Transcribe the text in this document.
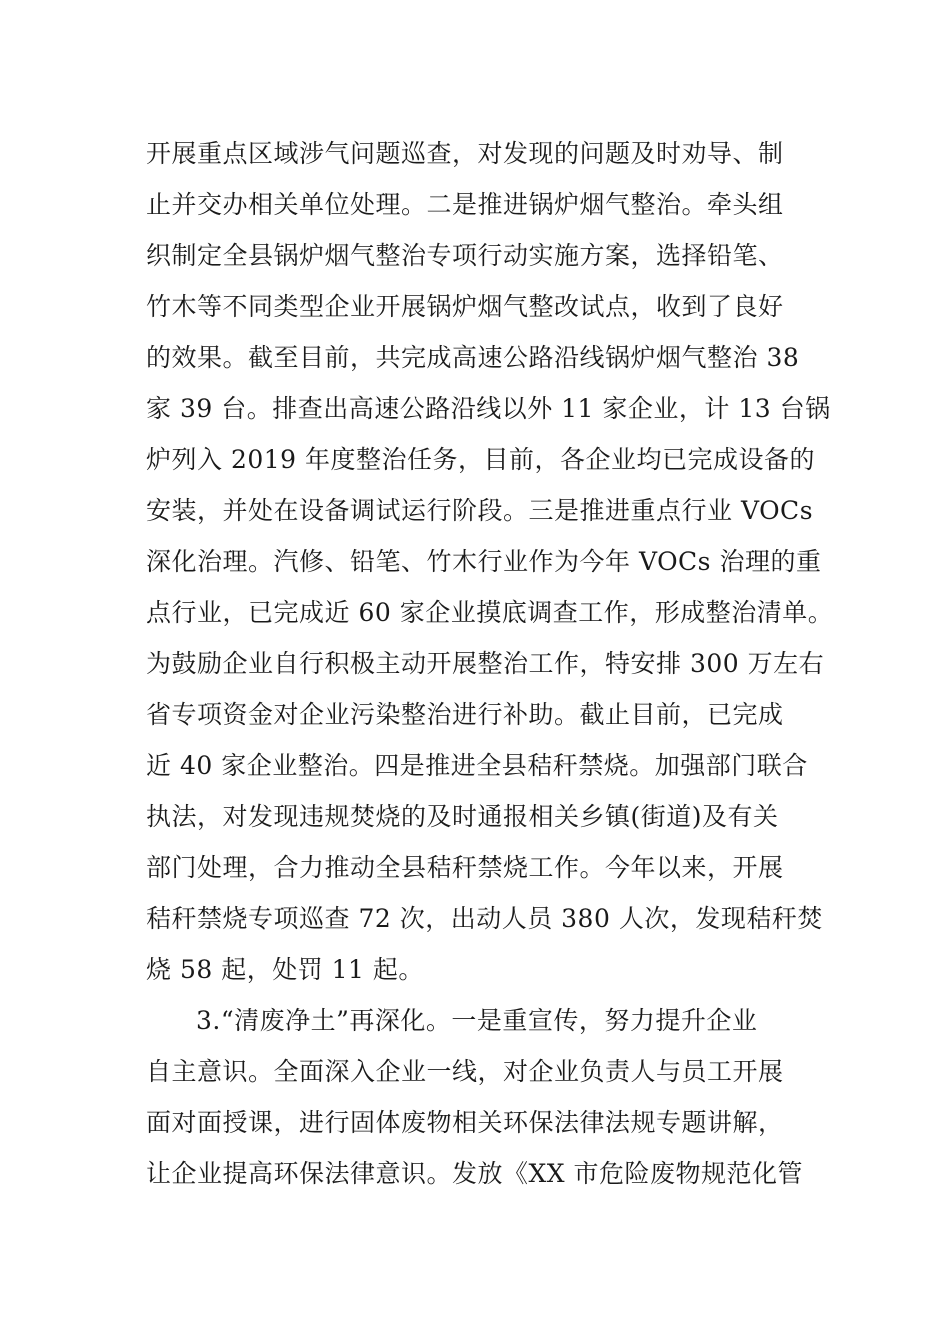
开展重点区域涉气问题巡查，对发现的问题及时劝导、制
止并交办相关单位处理。二是推进锅炉烟气整治。牵头组
织制定全县锅炉烟气整治专项行动实施方案，选择铅笔、
竹木等不同类型企业开展锅炉烟气整改试点，收到了良好
的效果。截至目前，共完成高速公路沿线锅炉烟气整治 38
家 39 台。排查出高速公路沿线以外 11 家企业，计 13 台锅
炉列入 2019 年度整治任务，目前，各企业均已完成设备的
安装，并处在设备调试运行阶段。三是推进重点行业 VOCs
深化治理。汽修、铅笔、竹木行业作为今年 VOCs 治理的重
点行业，已完成近 60 家企业摸底调查工作，形成整治清单。
为鼓励企业自行积极主动开展整治工作，特安排 300 万左右
省专项资金对企业污染整治进行补助。截止目前，已完成
近 40 家企业整治。四是推进全县秸秆禁烧。加强部门联合
执法，对发现违规焚烧的及时通报相关乡镇(街道)及有关
部门处理，合力推动全县秸秆禁烧工作。今年以来，开展
秸秆禁烧专项巡查 72 次，出动人员 380 人次，发现秸秆焚
烧 58 起，处罚 11 起。
3.“清废净土”再深化。一是重宣传，努力提升企业
自主意识。全面深入企业一线，对企业负责人与员工开展
面对面授课，进行固体废物相关环保法律法规专题讲解，
让企业提高环保法律意识。发放《XX 市危险废物规范化管
